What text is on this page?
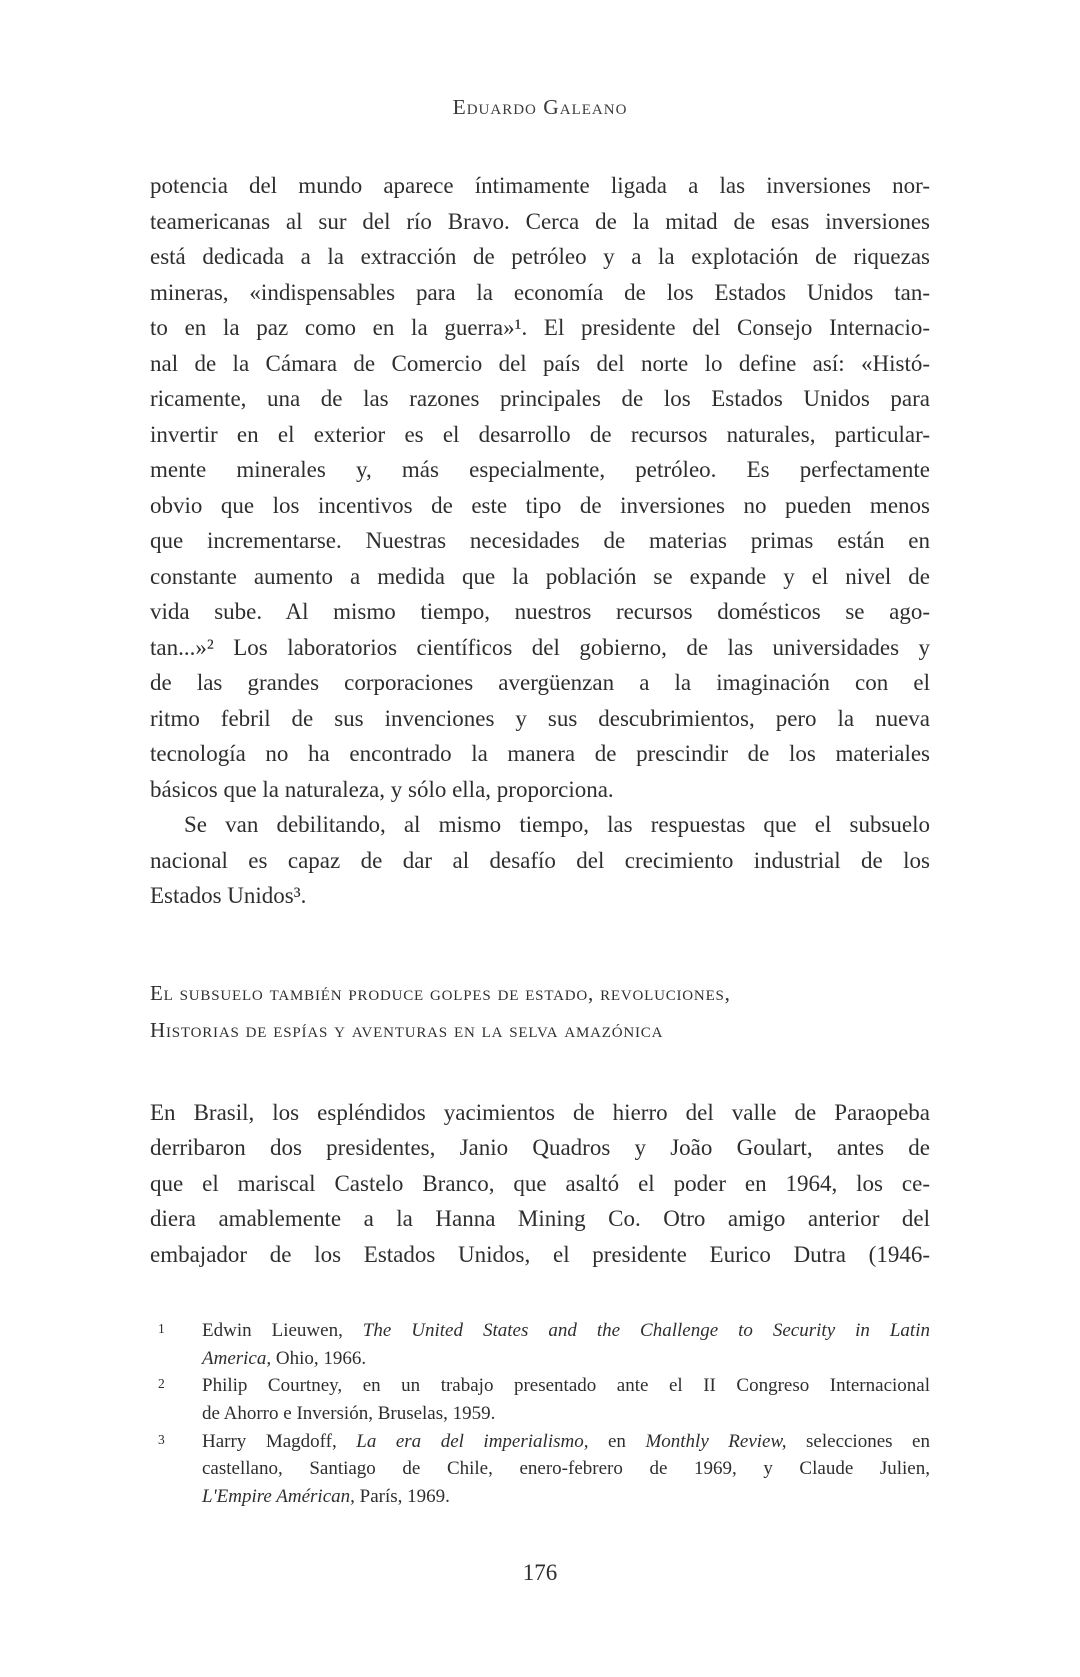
Eduardo Galeano
potencia del mundo aparece íntimamente ligada a las inversiones nor-
teamericanas al sur del río Bravo. Cerca de la mitad de esas inversiones
está dedicada a la extracción de petróleo y a la explotación de riquezas
mineras, «indispensables para la economía de los Estados Unidos tan-
to en la paz como en la guerra»¹. El presidente del Consejo Internacio-
nal de la Cámara de Comercio del país del norte lo define así: «Histó-
ricamente, una de las razones principales de los Estados Unidos para
invertir en el exterior es el desarrollo de recursos naturales, particular-
mente minerales y, más especialmente, petróleo. Es perfectamente
obvio que los incentivos de este tipo de inversiones no pueden menos
que incrementarse. Nuestras necesidades de materias primas están en
constante aumento a medida que la población se expande y el nivel de
vida sube. Al mismo tiempo, nuestros recursos domésticos se ago-
tan...»² Los laboratorios científicos del gobierno, de las universidades y
de las grandes corporaciones avergüenzan a la imaginación con el
ritmo febril de sus invenciones y sus descubrimientos, pero la nueva
tecnología no ha encontrado la manera de prescindir de los materiales
básicos que la naturaleza, y sólo ella, proporciona.
Se van debilitando, al mismo tiempo, las respuestas que el subsuelo
nacional es capaz de dar al desafío del crecimiento industrial de los
Estados Unidos³.
El subsuelo también produce golpes de estado, revoluciones,
Historias de espías y aventuras en la selva amazónica
En Brasil, los espléndidos yacimientos de hierro del valle de Paraopeba
derribaron dos presidentes, Janio Quadros y João Goulart, antes de
que el mariscal Castelo Branco, que asaltó el poder en 1964, los ce-
diera amablemente a la Hanna Mining Co. Otro amigo anterior del
embajador de los Estados Unidos, el presidente Eurico Dutra (1946-
1 Edwin Lieuwen, The United States and the Challenge to Security in Latin
America, Ohio, 1966.
2 Philip Courtney, en un trabajo presentado ante el II Congreso Internacional
de Ahorro e Inversión, Bruselas, 1959.
3 Harry Magdoff, La era del imperialismo, en Monthly Review, selecciones en
castellano, Santiago de Chile, enero-febrero de 1969, y Claude Julien,
L'Empire Américan, París, 1969.
176
